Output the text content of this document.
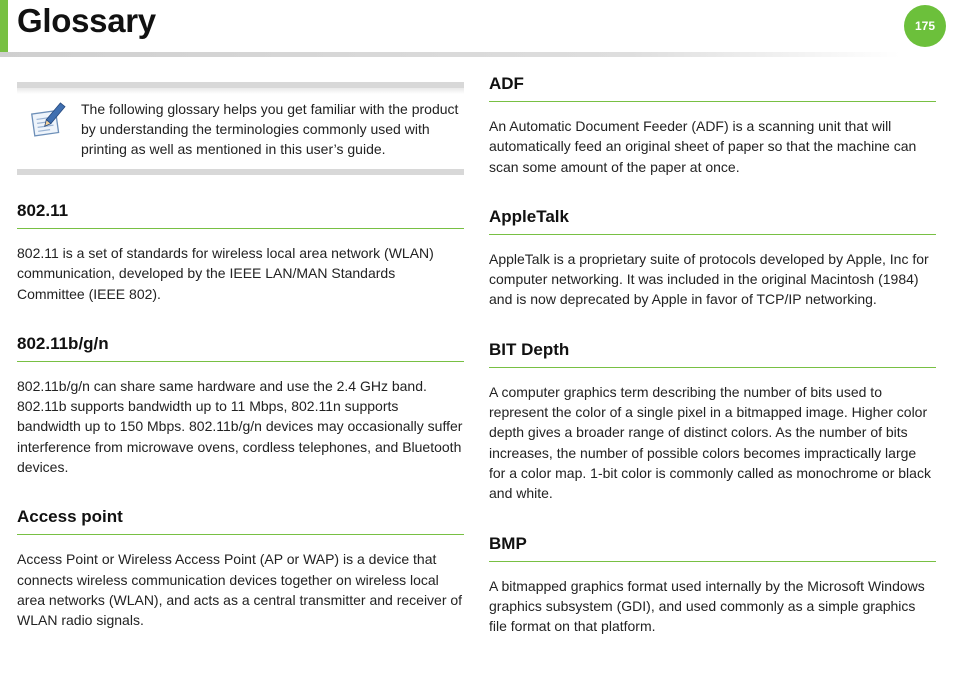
Glossary	175
The following glossary helps you get familiar with the product by understanding the terminologies commonly used with printing as well as mentioned in this user’s guide.
802.11

802.11 is a set of standards for wireless local area network (WLAN) communication, developed by the IEEE LAN/MAN Standards Committee (IEEE 802).

802.11b/g/n

802.11b/g/n can share same hardware and use the 2.4 GHz band. 802.11b supports bandwidth up to 11 Mbps, 802.11n supports bandwidth up to 150 Mbps. 802.11b/g/n devices may occasionally suffer interference from microwave ovens, cordless telephones, and Bluetooth devices.

Access point

Access Point or Wireless Access Point (AP or WAP) is a device that connects wireless communication devices together on wireless local area networks (WLAN), and acts as a central transmitter and receiver of WLAN radio signals.

ADF

An Automatic Document Feeder (ADF) is a scanning unit that will automatically feed an original sheet of paper so that the machine can scan some amount of the paper at once.

AppleTalk

AppleTalk is a proprietary suite of protocols developed by Apple, Inc for computer networking. It was included in the original Macintosh (1984) and is now deprecated by Apple in favor of TCP/IP networking.

BIT Depth

A computer graphics term describing the number of bits used to represent the color of a single pixel in a bitmapped image. Higher color depth gives a broader range of distinct colors. As the number of bits increases, the number of possible colors becomes impractically large for a color map. 1-bit color is commonly called as monochrome or black and white.

BMP

A bitmapped graphics format used internally by the Microsoft Windows graphics subsystem (GDI), and used commonly as a simple graphics file format on that platform.
